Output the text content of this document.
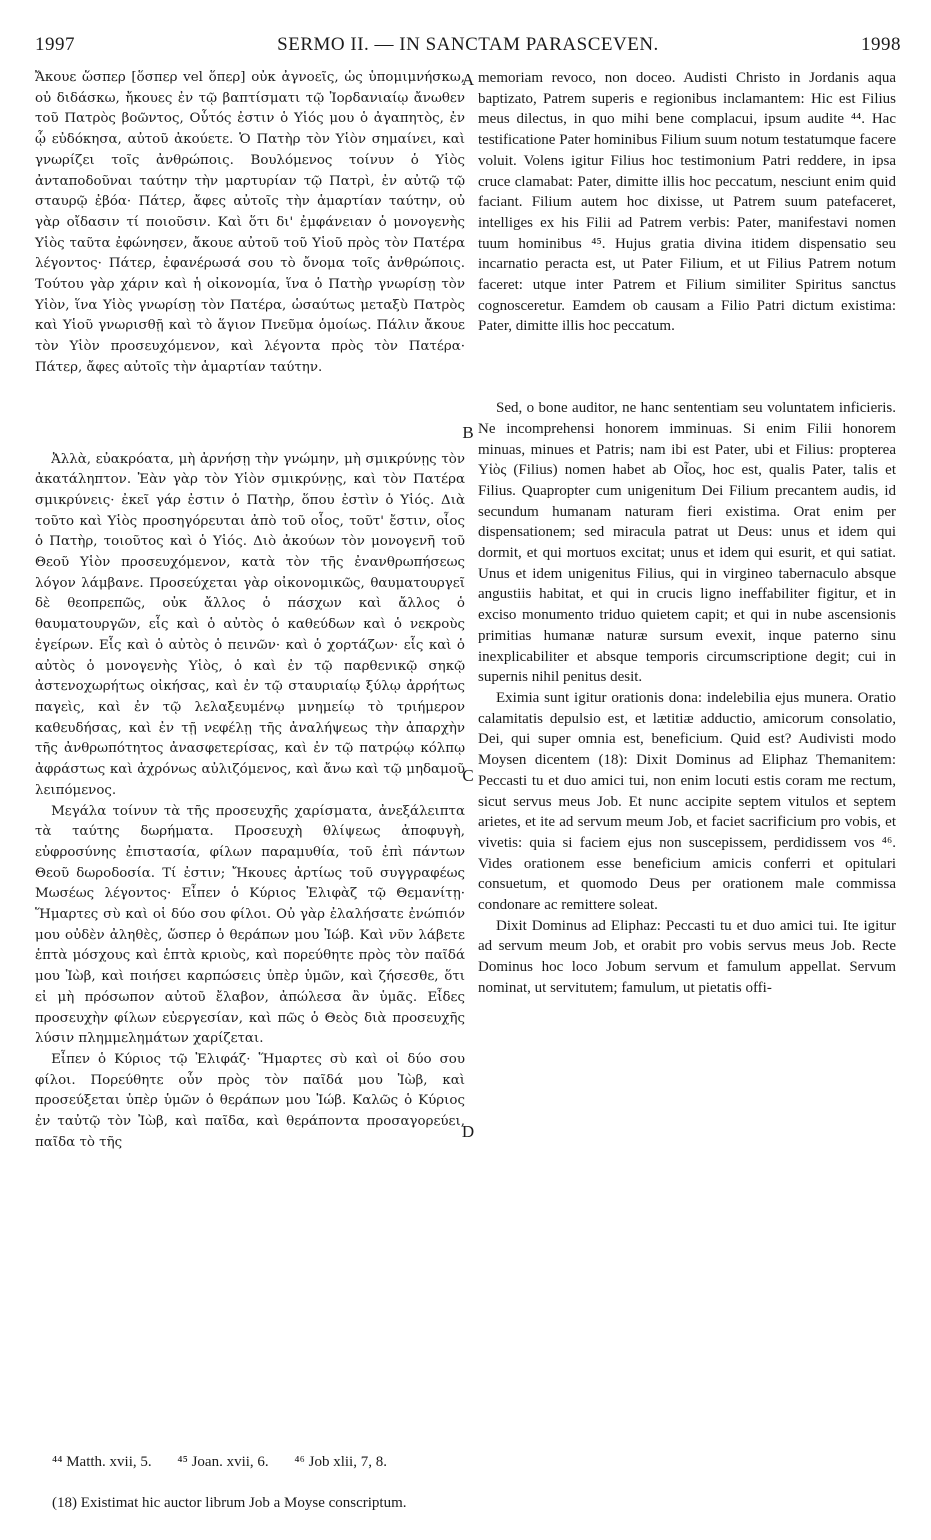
1997	SERMO II. — IN SANCTAM PARASCEVEN.	1998

Ἄκουε ὥσπερ [ὅσπερ vel ὅπερ] οὐκ ἀγνοεῖς, ὡς ὑπομιμνήσκω, οὐ διδάσκω, ἤκουες ἐν τῷ βαπτίσματι τῷ Ἰορδανιαίῳ ἄνωθεν τοῦ Πατρὸς βοῶντος, Οὗτός ἐστιν ὁ Υἱός μου ὁ ἀγαπητὸς, ἐν ᾧ εὐδόκησα, αὐτοῦ ἀκούετε. Ὁ Πατὴρ τὸν Υἱὸν σημαίνει, καὶ γνωρίζει τοῖς ἀνθρώποις. Βουλόμενος τοίνυν ὁ Υἱὸς ἀνταποδοῦναι ταύτην τὴν μαρτυρίαν τῷ Πατρὶ, ἐν αὐτῷ τῷ σταυρῷ ἐβόα· Πάτερ, ἄφες αὐτοῖς τὴν ἁμαρτίαν ταύτην, οὐ γὰρ οἴδασιν τί ποιοῦσιν. Καὶ ὅτι δι' ἐμφάνειαν ὁ μονογενὴς Υἱὸς ταῦτα ἐφώνησεν, ἄκουε αὐτοῦ τοῦ Υἱοῦ πρὸς τὸν Πατέρα λέγοντος· Πάτερ, ἐφανέρωσά σου τὸ ὄνομα τοῖς ἀνθρώποις. Τούτου γὰρ χάριν καὶ ἡ οἰκονομία, ἵνα ὁ Πατὴρ γνωρίσῃ τὸν Υἱὸν, ἵνα Υἱὸς γνωρίσῃ τὸν Πατέρα, ὡσαύτως μεταξὺ Πατρὸς καὶ Υἱοῦ γνωρισθῇ καὶ τὸ ἅγιον Πνεῦμα ὁμοίως. Πάλιν ἄκουε τὸν Υἱὸν προσευχόμενον, καὶ λέγοντα πρὸς τὸν Πατέρα· Πάτερ, ἄφες αὐτοῖς τὴν ἁμαρτίαν ταύτην.

Ἀλλὰ, εὐακρόατα, μὴ ἀρνήσῃ τὴν γνώμην, μὴ σμικρύνῃς τὸν ἀκατάληπτον. Ἐὰν γὰρ τὸν Υἱὸν σμικρύνῃς, καὶ τὸν Πατέρα σμικρύνεις· ἐκεῖ γάρ ἐστιν ὁ Πατὴρ, ὅπου ἐστὶν ὁ Υἱός. Διὰ τοῦτο καὶ Υἱὸς προσηγόρευται ἀπὸ τοῦ οἷος, τοῦτ' ἔστιν, οἷος ὁ Πατὴρ, τοιοῦτος καὶ ὁ Υἱός. Διὸ ἀκούων τὸν μονογενῆ τοῦ Θεοῦ Υἱὸν προσευχόμενον, κατὰ τὸν τῆς ἐνανθρωπήσεως λόγον λάμβανε. Προσεύχεται γὰρ οἰκονομικῶς, θαυματουργεῖ δὲ θεοπρεπῶς, οὐκ ἄλλος ὁ πάσχων καὶ ἄλλος ὁ θαυματουργῶν, εἷς καὶ ὁ αὐτὸς ὁ καθεύδων καὶ ὁ νεκροὺς ἐγείρων. Εἷς καὶ ὁ αὐτὸς ὁ πεινῶν· καὶ ὁ χορτάζων· εἷς καὶ ὁ αὐτὸς ὁ μονογενὴς Υἱὸς, ὁ καὶ ἐν τῷ παρθενικῷ σηκῷ ἀστενοχωρήτως οἰκήσας, καὶ ἐν τῷ σταυριαίῳ ξύλῳ ἀρρήτως παγεὶς, καὶ ἐν τῷ λελαξευμένῳ μνημείῳ τὸ τριήμερον καθευδήσας, καὶ ἐν τῇ νεφέλῃ τῆς ἀναλήψεως τὴν ἀπαρχὴν τῆς ἀνθρωπότητος ἀνασφετερίσας, καὶ ἐν τῷ πατρῴῳ κόλπῳ ἀφράστως καὶ ἀχρόνως αὐλιζόμενος, καὶ ἄνω καὶ τῷ μηδαμοῦ λειπόμενος.

Μεγάλα τοίνυν τὰ τῆς προσευχῆς χαρίσματα, ἀνεξάλειπτα τὰ ταύτης δωρήματα. Προσευχὴ θλίψεως ἀποφυγὴ, εὐφροσύνης ἐπιστασία, φίλων παραμυθία, τοῦ ἐπὶ πάντων Θεοῦ δωροδοσία. Τί ἐστιν; Ἤκουες ἀρτίως τοῦ συγγραφέως Μωσέως λέγοντος· Εἶπεν ὁ Κύριος Ἐλιφὰζ τῷ Θεμανίτῃ· Ἥμαρτες σὺ καὶ οἱ δύο σου φίλοι. Οὐ γὰρ ἐλαλήσατε ἐνώπιόν μου οὐδὲν ἀληθὲς, ὥσπερ ὁ θεράπων μου Ἰώβ. Καὶ νῦν λάβετε ἑπτὰ μόσχους καὶ ἑπτὰ κριοὺς, καὶ πορεύθητε πρὸς τὸν παῖδά μου Ἰὼβ, καὶ ποιήσει καρπώσεις ὑπὲρ ὑμῶν, καὶ ζήσεσθε, ὅτι εἰ μὴ πρόσωπον αὐτοῦ ἔλαβον, ἀπώλεσα ἂν ὑμᾶς. Εἶδες προσευχὴν φίλων εὐεργεσίαν, καὶ πῶς ὁ Θεὸς διὰ προσευχῆς λύσιν πλημμελημάτων χαρίζεται.

Εἶπεν ὁ Κύριος τῷ Ἐλιφάζ· Ἥμαρτες σὺ καὶ οἱ δύο σου φίλοι. Πορεύθητε οὖν πρὸς τὸν παῖδά μου Ἰὼβ, καὶ προσεύξεται ὑπὲρ ὑμῶν ὁ θεράπων μου Ἰώβ. Καλῶς ὁ Κύριος ἐν ταὐτῷ τὸν Ἰὼβ, καὶ παῖδα, καὶ θεράποντα προσαγορεύει, παῖδα τὸ τῆς

A
B
C
D

memoriam revoco, non doceo. Audisti Christo in Jordanis aqua baptizato, Patrem superis e regionibus inclamantem: Hic est Filius meus dilectus, in quo mihi bene complacui, ipsum audite ⁴⁴. Hac testificatione Pater hominibus Filium suum notum testatumque facere voluit. Volens igitur Filius hoc testimonium Patri reddere, in ipsa cruce clamabat: Pater, dimitte illis hoc peccatum, nesciunt enim quid faciant. Filium autem hoc dixisse, ut Patrem suum patefaceret, intelliges ex his Filii ad Patrem verbis: Pater, manifestavi nomen tuum hominibus ⁴⁵. Hujus gratia divina itidem dispensatio seu incarnatio peracta est, ut Pater Filium, et ut Filius Patrem notum faceret: utque inter Patrem et Filium similiter Spiritus sanctus cognosceretur. Eamdem ob causam a Filio Patri dictum existima: Pater, dimitte illis hoc peccatum.

Sed, o bone auditor, ne hanc sententiam seu voluntatem inficieris. Ne incomprehensi honorem imminuas. Si enim Filii honorem minuas, minues et Patris; nam ibi est Pater, ubi et Filius: propterea Υἱὸς (Filius) nomen habet ab Οἷος, hoc est, qualis Pater, talis et Filius. Quapropter cum unigenitum Dei Filium precantem audis, id secundum humanam naturam fieri existima. Orat enim per dispensationem; sed miracula patrat ut Deus: unus et idem qui dormit, et qui mortuos excitat; unus et idem qui esurit, et qui satiat. Unus et idem unigenitus Filius, qui in virgineo tabernaculo absque angustiis habitat, et qui in crucis ligno ineffabiliter figitur, et in exciso monumento triduo quietem capit; et qui in nube ascensionis primitias humanæ naturæ sursum evexit, inque paterno sinu inexplicabiliter et absque temporis circumscriptione degit; cui in supernis nihil penitus desit.

Eximia sunt igitur orationis dona: indelebilia ejus munera. Oratio calamitatis depulsio est, et lætitiæ adductio, amicorum consolatio, Dei, qui super omnia est, beneficium. Quid est? Audivisti modo Moysen dicentem (18): Dixit Dominus ad Eliphaz Themanitem: Peccasti tu et duo amici tui, non enim locuti estis coram me rectum, sicut servus meus Job. Et nunc accipite septem vitulos et septem arietes, et ite ad servum meum Job, et faciet sacrificium pro vobis, et vivetis: quia si faciem ejus non suscepissem, perdidissem vos ⁴⁶. Vides orationem esse beneficium amicis conferri et opitulari consuetum, et quomodo Deus per orationem male commissa condonare ac remittere soleat.

Dixit Dominus ad Eliphaz: Peccasti tu et duo amici tui. Ite igitur ad servum meum Job, et orabit pro vobis servus meus Job. Recte Dominus hoc loco Jobum servum et famulum appellat. Servum nominat, ut servitutem; famulum, ut pietatis offi-

⁴⁴ Matth. xvii, 5. ⁴⁵ Joan. xvii, 6. ⁴⁶ Job xlii, 7, 8.
(18) Existimat hic auctor librum Job a Moyse conscriptum.
